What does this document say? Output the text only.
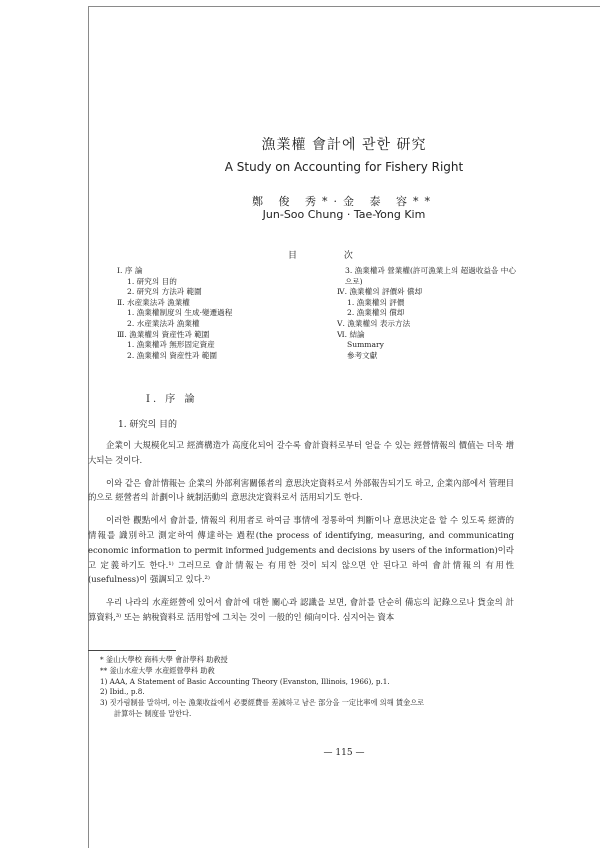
漁業權 會計에 관한 研究
A Study on Accounting for Fishery Right
鄭 俊 秀*·金 泰 容**
Jun-Soo Chung · Tae-Yong Kim
目 次
Ⅰ. 序 論
1. 研究의 目的
2. 研究의 方法과 範圍
Ⅱ. 水産業法과 漁業權
1. 漁業權制度의 生成·變遷過程
2. 水産業法과 漁業權
Ⅲ. 漁業權의 資産性과 範圍
1. 漁業權과 無形固定資産
2. 漁業權의 資産性과 範圍
3. 漁業權과 營業權(許可漁業上의 超過收益을 中心으로)
Ⅳ. 漁業權의 評價와 償却
1. 漁業權의 評價
2. 漁業權의 償却
Ⅴ. 漁業權의 表示方法
Ⅵ. 結論
Summary
參考文獻
Ⅰ. 序 論
1. 研究의 目的

企業이 大規模化되고 經濟構造가 高度化되어 갈수록 會計資料로부터 얻을 수 있는 經營情報의 價值는 더욱 增大되는 것이다.

이와 같은 會計情報는 企業의 外部利害關係者의 意思決定資料로서 外部報告되기도 하고, 企業內部에서 管理目的으로 經營者의 計劃이나 統制活動의 意思決定資料로서 活用되기도 한다.

이러한 觀點에서 會計를, 情報의 利用者로 하여금 事情에 정통하여 判斷이나 意思決定을 할 수 있도록 經濟的 情報를 識別하고 測定하여 傳達하는 過程(the process of identifying, measuring, and communicating economic information to permit informed judgements and decisions by users of the information)이라고 定義하기도 한다.¹⁾ 그러므로 會計情報는 有用한 것이 되지 않으면 안 된다고 하여 會計情報의 有用性(usefulness)이 强調되고 있다.²⁾

우리 나라의 水産經營에 있어서 會計에 대한 關心과 認識을 보면, 會計를 단순히 備忘의 記錄으로나 貨金의 計算資料,³⁾ 또는 納稅資料로 活用함에 그치는 것이 一般的인 傾向이다. 심지어는 資本

* 釜山大學校 商科大學 會計學科 助敎授
** 釜山水産大學 水産經營學科 助敎
1) AAA, A Statement of Basic Accounting Theory (Evanston, Illinois, 1966), p.1.
2) Ibid., p.8.
3) 짓가림制를 말하며, 이는 漁業收益에서 必要經費를 差減하고 남은 部分을 一定比率에 의해 賃金으로
計算하는 制度를 말한다.
— 115 —
